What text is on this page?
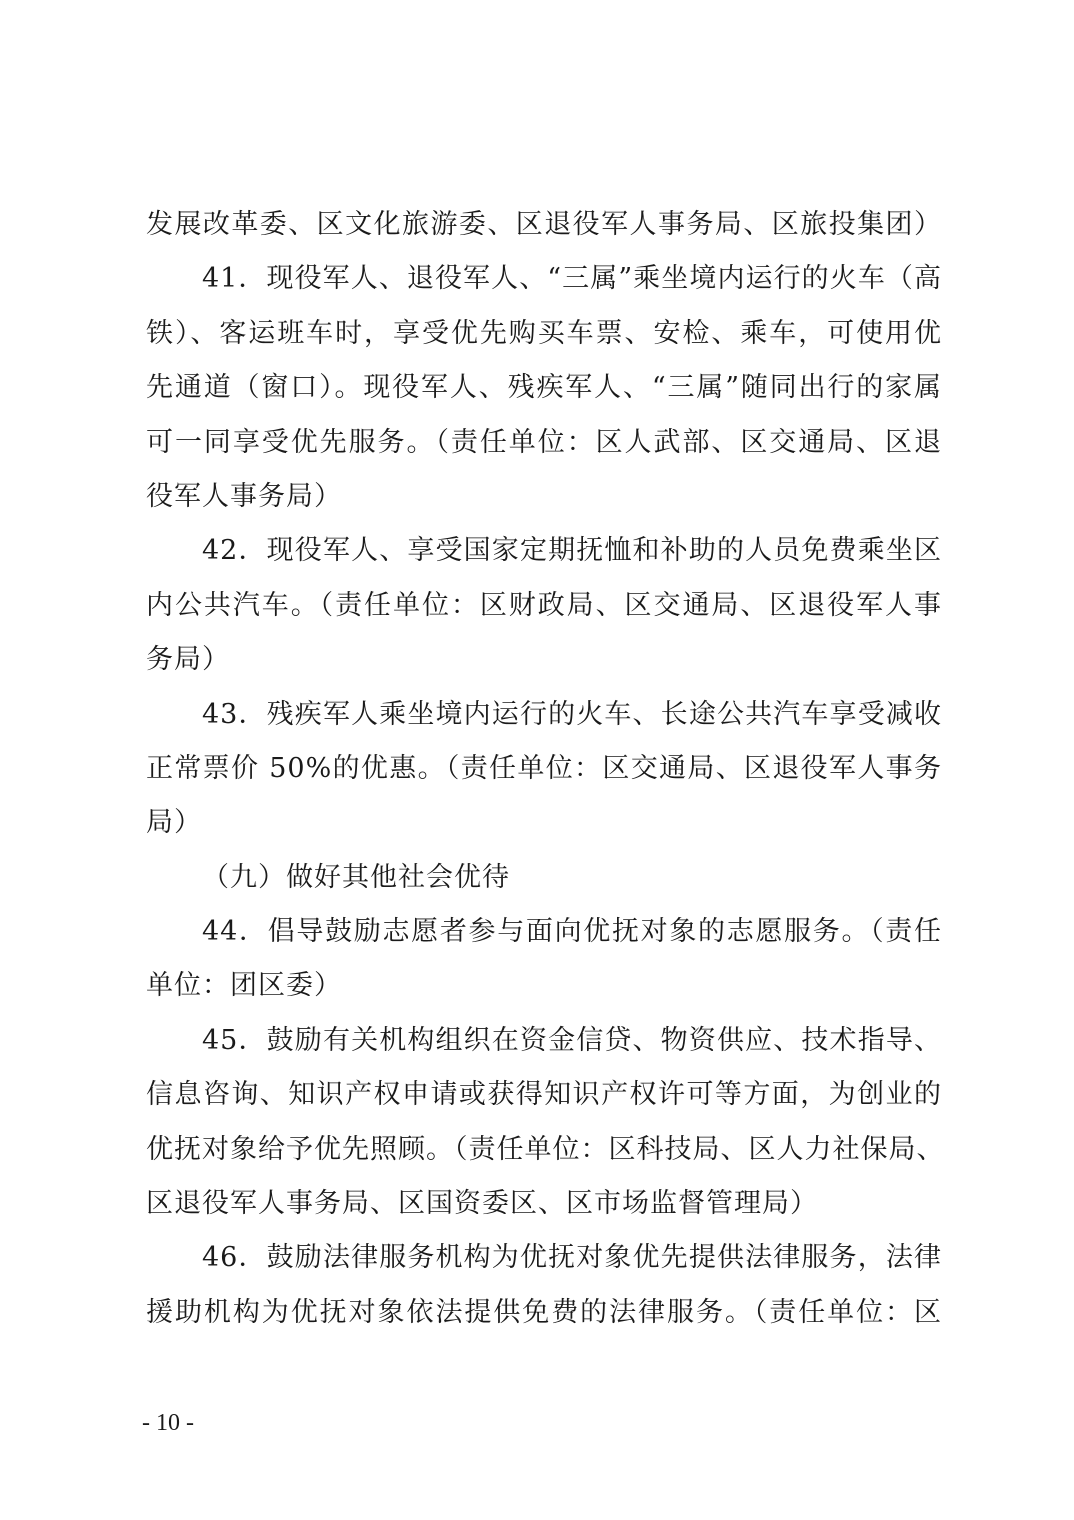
发展改革委、区文化旅游委、区退役军人事务局、区旅投集团）
41．现役军人、退役军人、“三属”乘坐境内运行的火车（高
铁）、客运班车时，享受优先购买车票、安检、乘车，可使用优
先通道（窗口）。现役军人、残疾军人、“三属”随同出行的家属
可一同享受优先服务。（责任单位：区人武部、区交通局、区退
役军人事务局）
42．现役军人、享受国家定期抚恤和补助的人员免费乘坐区
内公共汽车。（责任单位：区财政局、区交通局、区退役军人事
务局）
43．残疾军人乘坐境内运行的火车、长途公共汽车享受减收
正常票价 50%的优惠。（责任单位：区交通局、区退役军人事务
局）
（九）做好其他社会优待
44．倡导鼓励志愿者参与面向优抚对象的志愿服务。（责任
单位：团区委）
45．鼓励有关机构组织在资金信贷、物资供应、技术指导、
信息咨询、知识产权申请或获得知识产权许可等方面，为创业的
优抚对象给予优先照顾。（责任单位：区科技局、区人力社保局、
区退役军人事务局、区国资委区、区市场监督管理局）
46．鼓励法律服务机构为优抚对象优先提供法律服务，法律
援助机构为优抚对象依法提供免费的法律服务。（责任单位：区
- 10 -
